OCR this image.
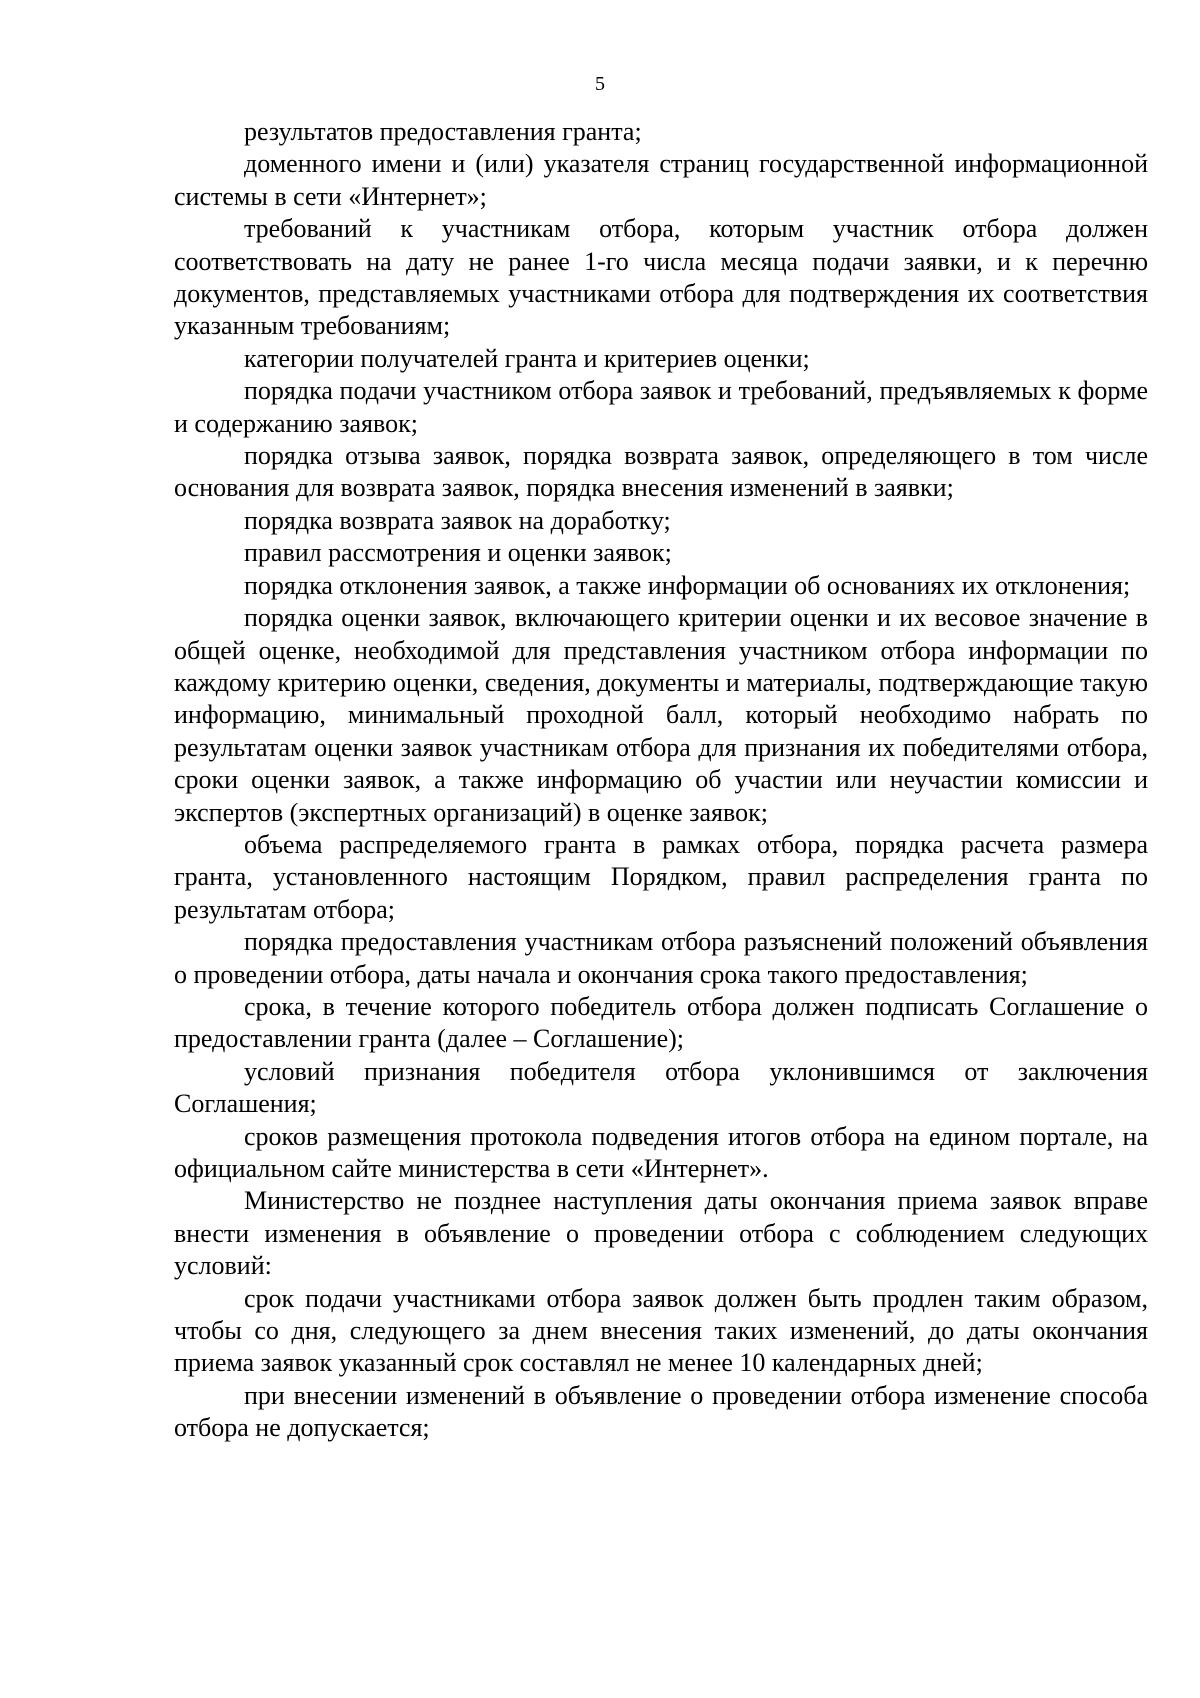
5

результатов предоставления гранта;

доменного имени и (или) указателя страниц государственной информационной системы в сети «Интернет»;

требований к участникам отбора, которым участник отбора должен соответствовать на дату не ранее 1-го числа месяца подачи заявки, и к перечню документов, представляемых участниками отбора для подтверждения их соответствия указанным требованиям;

категории получателей гранта и критериев оценки;

порядка подачи участником отбора заявок и требований, предъявляемых к форме и содержанию заявок;

порядка отзыва заявок, порядка возврата заявок, определяющего в том числе основания для возврата заявок, порядка внесения изменений в заявки;

порядка возврата заявок на доработку;

правил рассмотрения и оценки заявок;

порядка отклонения заявок, а также информации об основаниях их отклонения;

порядка оценки заявок, включающего критерии оценки и их весовое значение в общей оценке, необходимой для представления участником отбора информации по каждому критерию оценки, сведения, документы и материалы, подтверждающие такую информацию, минимальный проходной балл, который необходимо набрать по результатам оценки заявок участникам отбора для признания их победителями отбора, сроки оценки заявок, а также информацию об участии или неучастии комиссии и экспертов (экспертных организаций) в оценке заявок;

объема распределяемого гранта в рамках отбора, порядка расчета размера гранта, установленного настоящим Порядком, правил распределения гранта по результатам отбора;

порядка предоставления участникам отбора разъяснений положений объявления о проведении отбора, даты начала и окончания срока такого предоставления;

срока, в течение которого победитель отбора должен подписать Соглашение о предоставлении гранта (далее – Соглашение);

условий признания победителя отбора уклонившимся от заключения Соглашения;

сроков размещения протокола подведения итогов отбора на едином портале, на официальном сайте министерства в сети «Интернет».

Министерство не позднее наступления даты окончания приема заявок вправе внести изменения в объявление о проведении отбора с соблюдением следующих условий:

срок подачи участниками отбора заявок должен быть продлен таким образом, чтобы со дня, следующего за днем внесения таких изменений, до даты окончания приема заявок указанный срок составлял не менее 10 календарных дней;

при внесении изменений в объявление о проведении отбора изменение способа отбора не допускается;
